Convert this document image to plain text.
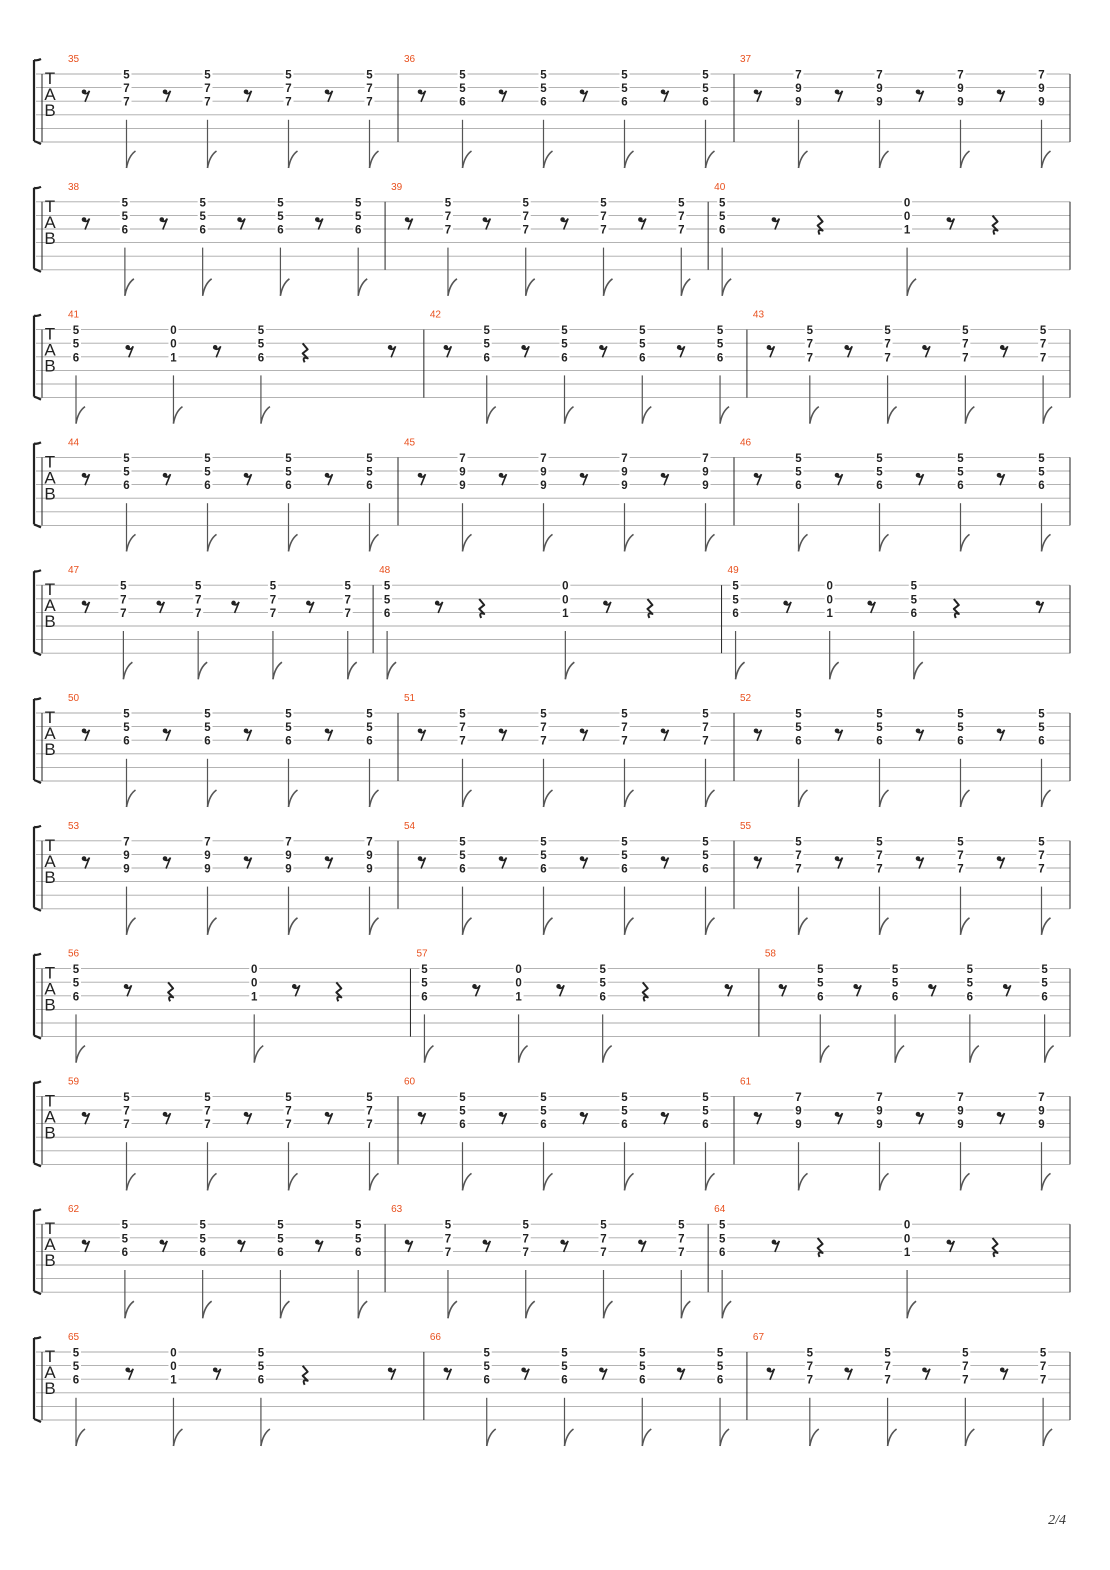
T
A
B
35
5
7
7
5
7
7
5
7
7
5
7
7
36
5
5
6
5
5
6
5
5
6
5
5
6
37
7
9
9
7
9
9
7
9
9
7
9
9
T
A
B
38
5
5
6
5
5
6
5
5
6
5
5
6
39
5
7
7
5
7
7
5
7
7
5
7
7
40
5
5
6
0
0
1
T
A
B
41
5
5
6
0
0
1
5
5
6
42
5
5
6
5
5
6
5
5
6
5
5
6
43
5
7
7
5
7
7
5
7
7
5
7
7
T
A
B
44
5
5
6
5
5
6
5
5
6
5
5
6
45
7
9
9
7
9
9
7
9
9
7
9
9
46
5
5
6
5
5
6
5
5
6
5
5
6
T
A
B
47
5
7
7
5
7
7
5
7
7
5
7
7
48
5
5
6
0
0
1
49
5
5
6
0
0
1
5
5
6
T
A
B
50
5
5
6
5
5
6
5
5
6
5
5
6
51
5
7
7
5
7
7
5
7
7
5
7
7
52
5
5
6
5
5
6
5
5
6
5
5
6
T
A
B
53
7
9
9
7
9
9
7
9
9
7
9
9
54
5
5
6
5
5
6
5
5
6
5
5
6
55
5
7
7
5
7
7
5
7
7
5
7
7
T
A
B
56
5
5
6
0
0
1
57
5
5
6
0
0
1
5
5
6
58
5
5
6
5
5
6
5
5
6
5
5
6
T
A
B
59
5
7
7
5
7
7
5
7
7
5
7
7
60
5
5
6
5
5
6
5
5
6
5
5
6
61
7
9
9
7
9
9
7
9
9
7
9
9
T
A
B
62
5
5
6
5
5
6
5
5
6
5
5
6
63
5
7
7
5
7
7
5
7
7
5
7
7
64
5
5
6
0
0
1
T
A
B
65
5
5
6
0
0
1
5
5
6
66
5
5
6
5
5
6
5
5
6
5
5
6
67
5
7
7
5
7
7
5
7
7
5
7
7
2/4
